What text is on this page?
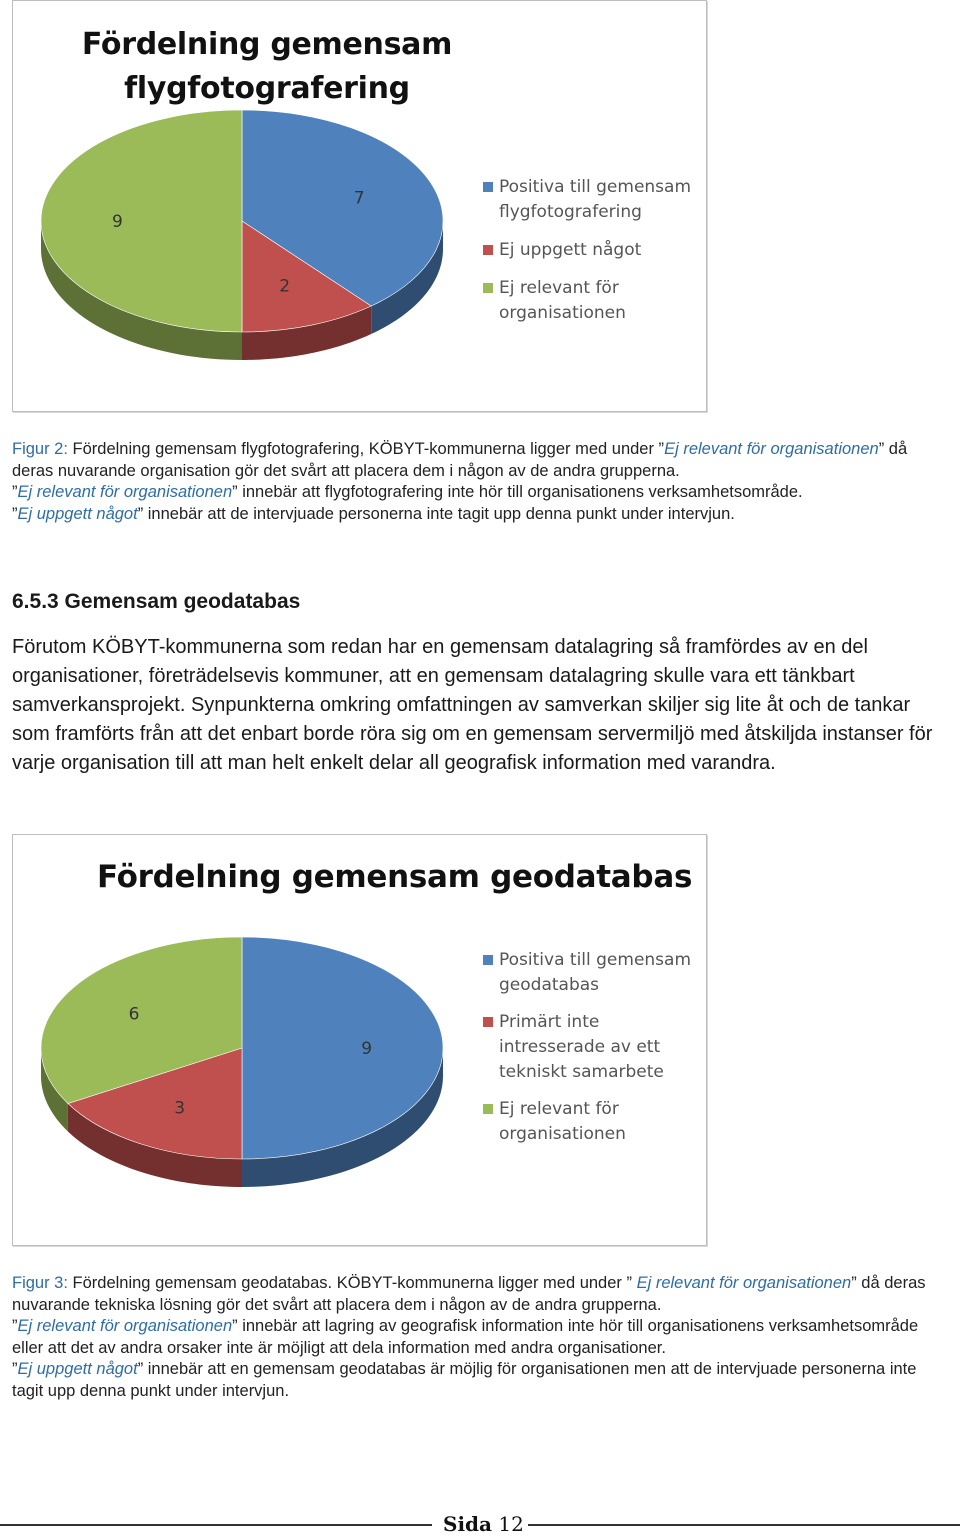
Fördelning gemensam
flygfotografering
7
2
9
Positiva till gemensam
flygfotografering
Ej uppgett något
Ej relevant för
organisationen
Figur 2: Fördelning gemensam flygfotografering, KÖBYT-kommunerna ligger med under ”Ej relevant för organisationen” då deras nuvarande organisation gör det svårt att placera dem i någon av de andra grupperna.
”Ej relevant för organisationen” innebär att flygfotografering inte hör till organisationens verksamhetsområde.
”Ej uppgett något” innebär att de intervjuade personerna inte tagit upp denna punkt under intervjun.
6.5.3 Gemensam geodatabas
Förutom KÖBYT-kommunerna som redan har en gemensam datalagring så framfördes av en del organisationer, företrädelsevis kommuner, att en gemensam datalagring skulle vara ett tänkbart samverkansprojekt. Synpunkterna omkring omfattningen av samverkan skiljer sig lite åt och de tankar som framförts från att det enbart borde röra sig om en gemensam servermiljö med åtskiljda instanser för varje organisation till att man helt enkelt delar all geografisk information med varandra.
Fördelning gemensam geodatabas
9
3
6
Positiva till gemensam
geodatabas
Primärt inte
intresserade av ett
tekniskt samarbete
Ej relevant för
organisationen
Figur 3: Fördelning gemensam geodatabas. KÖBYT-kommunerna ligger med under ” Ej relevant för organisationen” då deras nuvarande tekniska lösning gör det svårt att placera dem i någon av de andra grupperna.
”Ej relevant för organisationen” innebär att lagring av geografisk information inte hör till organisationens verksamhetsområde eller att det av andra orsaker inte är möjligt att dela information med andra organisationer.
”Ej uppgett något” innebär att en gemensam geodatabas är möjlig för organisationen men att de intervjuade personerna inte tagit upp denna punkt under intervjun.
Sida 12
